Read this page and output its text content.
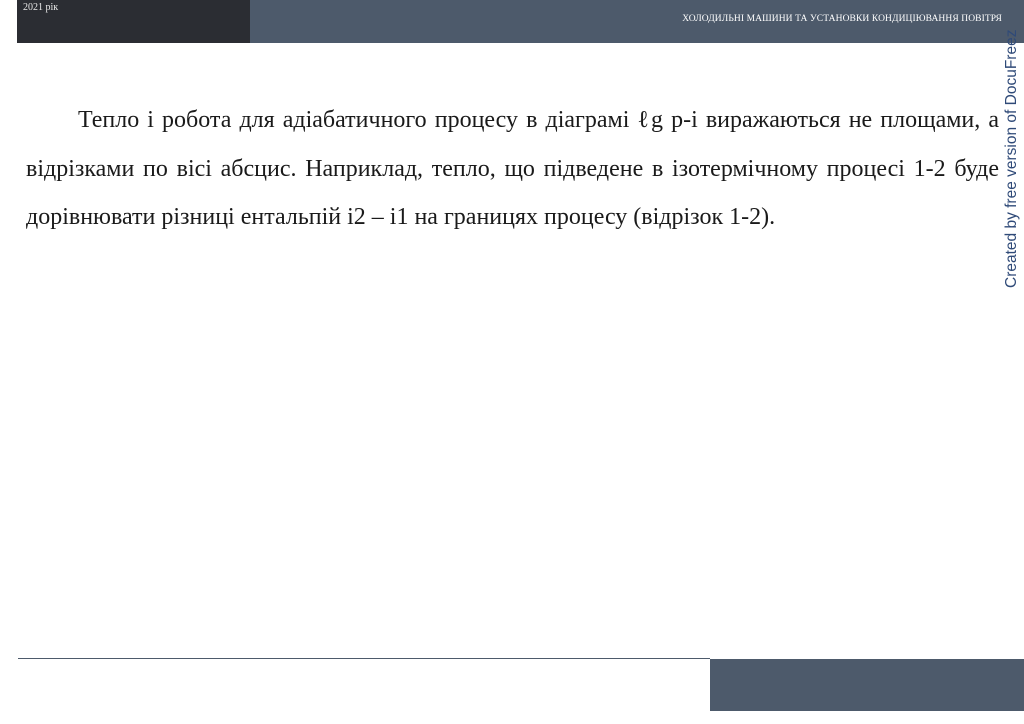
2021 рік
ХОЛОДИЛЬНІ МАШИНИ ТА УСТАНОВКИ КОНДИЦІЮВАННЯ ПОВІТРЯ
Created by free version of DocuFreez

Тепло і робота для адіабатичного процесу в діаграмі ℓg p-i виражаються не площами, а відрізками по вісі абсцис. Наприклад, тепло, що підведене в ізотермічному процесі 1-2 буде дорівнювати різниці ентальпій i2 – i1 на границях процесу (відрізок 1-2).
